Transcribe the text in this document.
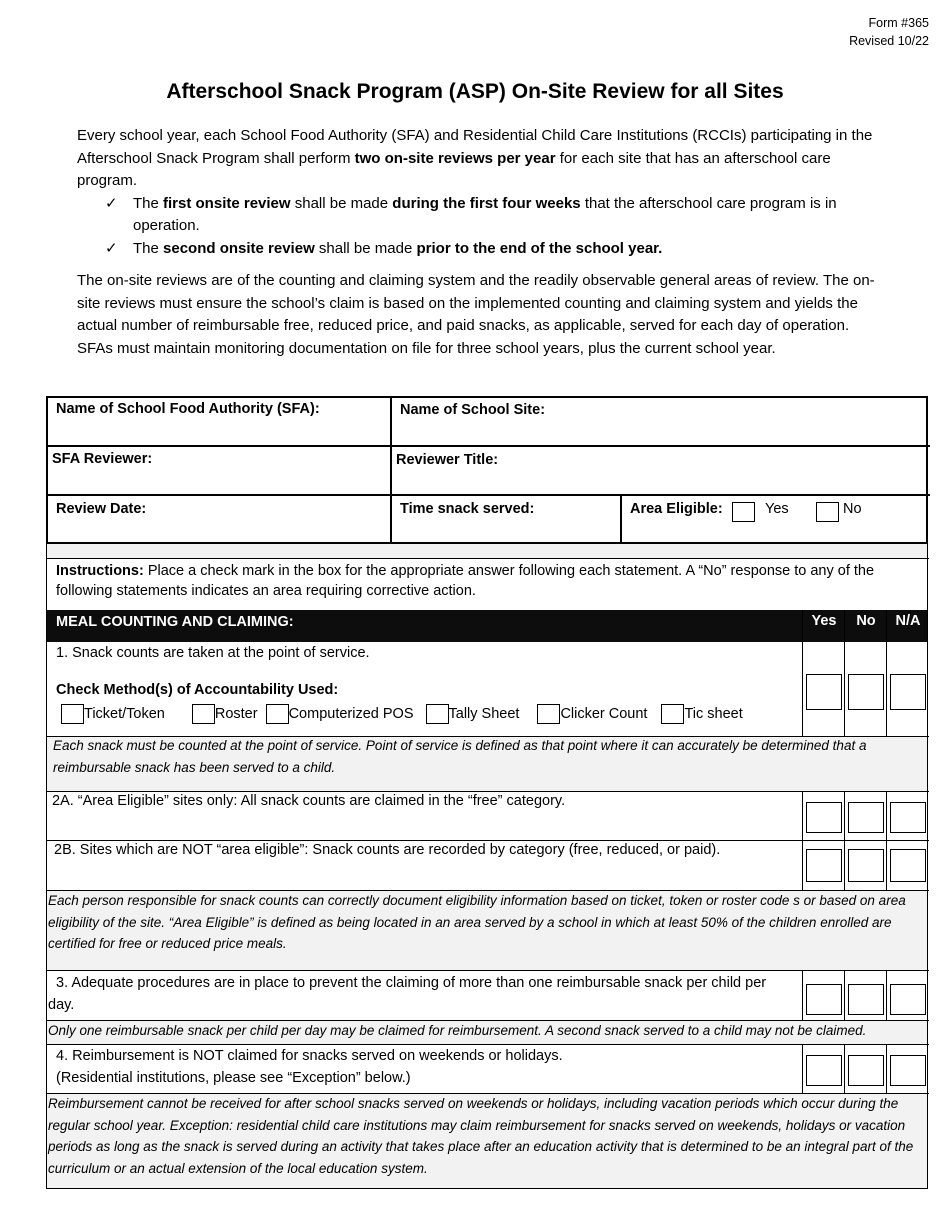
Form #365
Revised 10/22
Afterschool Snack Program (ASP) On-Site Review for all Sites

Every school year, each School Food Authority (SFA) and Residential Child Care Institutions (RCCIs) participating in the Afterschool Snack Program shall perform two on-site reviews per year for each site that has an afterschool care program.

✓ The first onsite review shall be made during the first four weeks that the afterschool care program is in operation.
✓ The second onsite review shall be made prior to the end of the school year.

The on-site reviews are of the counting and claiming system and the readily observable general areas of review. The on-site reviews must ensure the school’s claim is based on the implemented counting and claiming system and yields the actual number of reimbursable free, reduced price, and paid snacks, as applicable, served for each day of operation. SFAs must maintain monitoring documentation on file for three school years, plus the current school year.

Name of School Food Authority (SFA):	Name of School Site:
SFA Reviewer:	Reviewer Title:
Review Date:	Time snack served:	Area Eligible:	Yes	No
Instructions: Place a check mark in the box for the appropriate answer following each statement. A “No” response to any of the following statements indicates an area requiring corrective action.
MEAL COUNTING AND CLAIMING:	Yes	No	N/A
1. Snack counts are taken at the point of service.
Check Method(s) of Accountability Used:
Ticket/Token	Roster Computerized POS Tally Sheet	Clicker Count	Tic sheet
Each snack must be counted at the point of service. Point of service is defined as that point where it can accurately be determined that a reimbursable snack has been served to a child.
2A. “Area Eligible” sites only: All snack counts are claimed in the “free” category.
2B. Sites which are NOT “area eligible”: Snack counts are recorded by category (free, reduced, or paid).
Each person responsible for snack counts can correctly document eligibility information based on ticket, token or roster code s or based on area eligibility of the site. “Area Eligible” is defined as being located in an area served by a school in which at least 50% of the children enrolled are certified for free or reduced price meals.
3. Adequate procedures are in place to prevent the claiming of more than one reimbursable snack per child per day.
Only one reimbursable snack per child per day may be claimed for reimbursement. A second snack served to a child may not be claimed.
4. Reimbursement is NOT claimed for snacks served on weekends or holidays.
(Residential institutions, please see “Exception” below.)
Reimbursement cannot be received for after school snacks served on weekends or holidays, including vacation periods which occur during the regular school year. Exception: residential child care institutions may claim reimbursement for snacks served on weekends, holidays or vacation periods as long as the snack is served during an activity that takes place after an education activity that is determined to be an integral part of the curriculum or an actual extension of the local education system.
